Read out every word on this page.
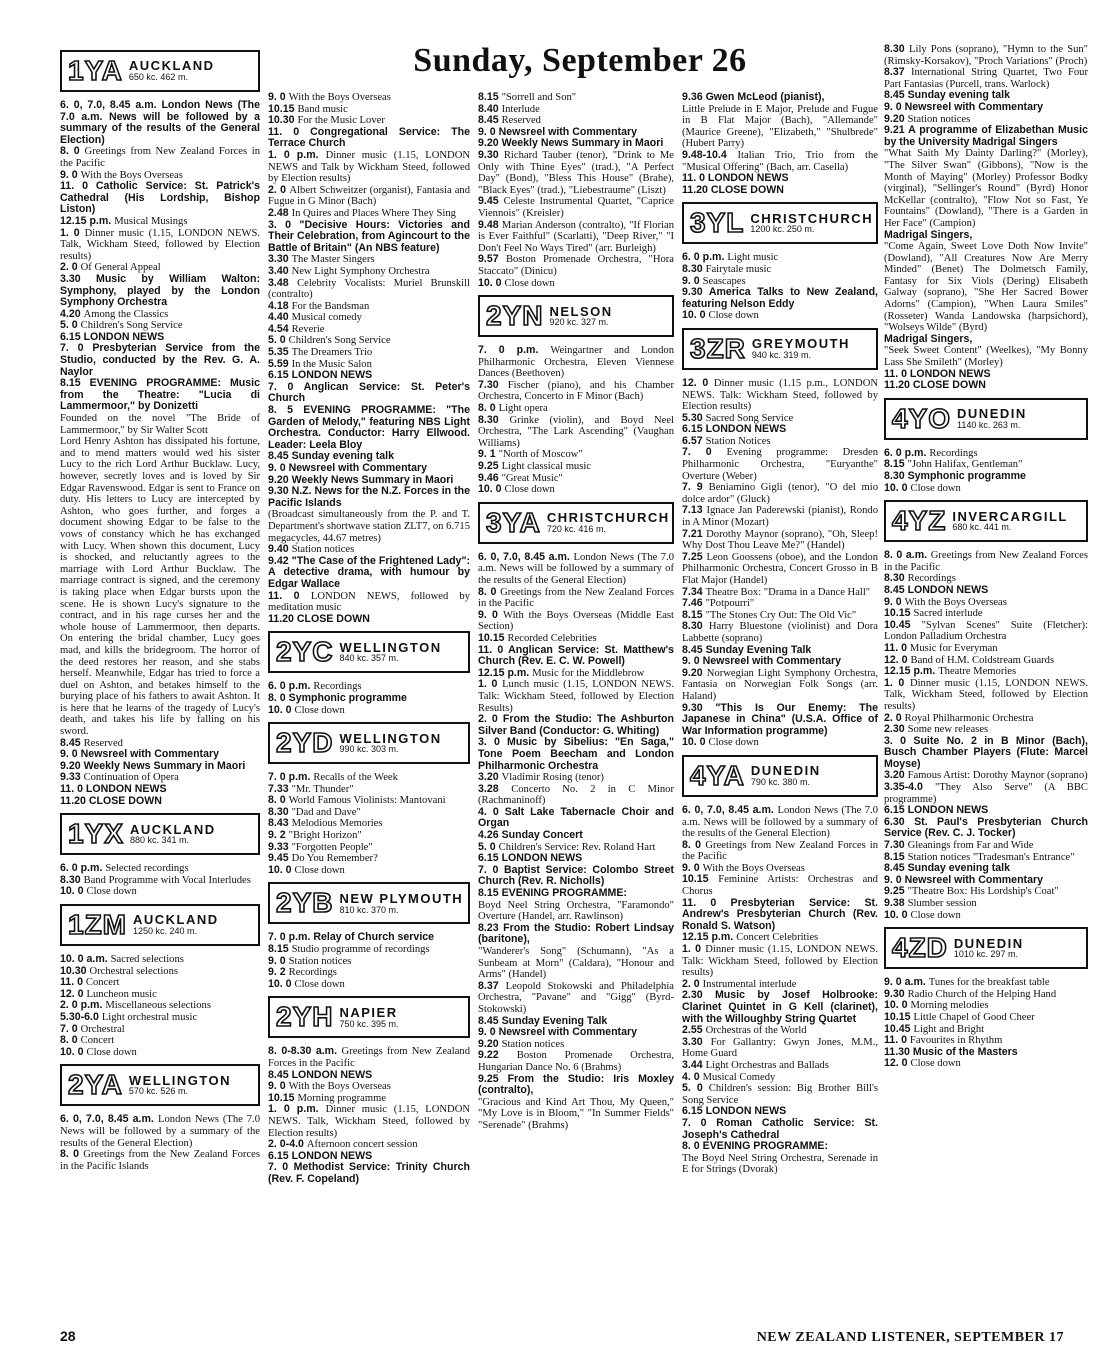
Sunday, September 26
1YA AUCKLAND
650 kc. 462 m.

6. 0, 7.0, 8.45 a.m. London News (The 7.0 a.m. News will be followed by a summary of the results of the General Election)

8. 0 Greetings from New Zealand Forces in the Pacific

9. 0 With the Boys Overseas

11. 0 Catholic Service: St. Patrick's Cathedral (His Lordship, Bishop Liston)

12.15 p.m. Musical Musings

1. 0 Dinner music (1.15, LONDON NEWS. Talk, Wickham Steed, followed by Election results)

2. 0 Of General Appeal

3.30 Music by William Walton: Symphony, played by the London Symphony Orchestra

4.20 Among the Classics

5. 0 Children's Song Service

6.15 LONDON NEWS

7. 0 Presbyterian Service from the Studio, conducted by the Rev. G. A. Naylor

8.15 EVENING PROGRAMME: Music from the Theatre: "Lucia di Lammermoor," by Donizetti

Founded on the novel "The Bride of Lammermoor," by Sir Walter Scott

Lord Henry Ashton has dissipated his fortune, and to mend matters would wed his sister Lucy to the rich Lord Arthur Bucklaw. Lucy, however, secretly loves and is loved by Sir Edgar Ravenswood. Edgar is sent to France on duty. His letters to Lucy are intercepted by Ashton, who goes further, and forges a document showing Edgar to be false to the vows of constancy which he has exchanged with Lucy. When shown this document, Lucy is shocked, and reluctantly agrees to the marriage with Lord Arthur Bucklaw. The marriage contract is signed, and the ceremony is taking place when Edgar bursts upon the scene. He is shown Lucy's signature to the contract, and in his rage curses her and the whole house of Lammermoor, then departs. On entering the bridal chamber, Lucy goes mad, and kills the bridegroom. The horror of the deed restores her reason, and she stabs herself. Meanwhile, Edgar has tried to force a duel on Ashton, and betakes himself to the burying place of his fathers to await Ashton. It is here that he learns of the tragedy of Lucy's death, and takes his life by falling on his sword.

8.45 Reserved

9. 0 Newsreel with Commentary

9.20 Weekly News Summary in Maori

9.33 Continuation of Opera

11. 0 LONDON NEWS

11.20 CLOSE DOWN

1YX AUCKLAND
880 kc. 341 m.

6. 0 p.m. Selected recordings

8.30 Band Programme with Vocal Interludes

10. 0 Close down

1ZM AUCKLAND
1250 kc. 240 m.

10. 0 a.m. Sacred selections

10.30 Orchestral selections

11. 0 Concert

12. 0 Luncheon music

2. 0 p.m. Miscellaneous selections

5.30-6.0 Light orchestral music

7. 0 Orchestral

8. 0 Concert

10. 0 Close down

2YA WELLINGTON
570 kc. 526 m.

6. 0, 7.0, 8.45 a.m. London News (The 7.0 News will be followed by a summary of the results of the General Election)

8. 0 Greetings from the New Zealand Forces in the Pacific Islands

9. 0 With the Boys Overseas

10.15 Band music

10.30 For the Music Lover

11. 0 Congregational Service: The Terrace Church

1. 0 p.m. Dinner music (1.15, LONDON NEWS and Talk by Wickham Steed, followed by Election results)

2. 0 Albert Schweitzer (organist), Fantasia and Fugue in G Minor (Bach)

2.48 In Quires and Places Where They Sing

3. 0 "Decisive Hours: Victories and Their Celebration, from Agincourt to the Battle of Britain" (An NBS feature)

3.30 The Master Singers

3.40 New Light Symphony Orchestra

3.48 Celebrity Vocalists: Muriel Brunskill (contralto)

4.18 For the Bandsman

4.40 Musical comedy

4.54 Reverie

5. 0 Children's Song Service

5.35 The Dreamers Trio

5.59 In the Music Salon

6.15 LONDON NEWS

7. 0 Anglican Service: St. Peter's Church

8. 5 EVENING PROGRAMME: "The Garden of Melody," featuring NBS Light Orchestra. Conductor: Harry Ellwood. Leader: Leela Bloy

8.45 Sunday evening talk

9. 0 Newsreel with Commentary

9.20 Weekly News Summary in Maori

9.30 N.Z. News for the N.Z. Forces in the Pacific Islands

(Broadcast simultaneously from the P. and T. Department's shortwave station ZLT7, on 6.715 megacycles, 44.67 metres)

9.40 Station notices

9.42 "The Case of the Frightened Lady": A detective drama, with humour by Edgar Wallace

11. 0 LONDON NEWS, followed by meditation music

11.20 CLOSE DOWN

2YC WELLINGTON
840 kc. 357 m.

6. 0 p.m. Recordings

8. 0 Symphonic programme

10. 0 Close down

2YD WELLINGTON
990 kc. 303 m.

7. 0 p.m. Recalls of the Week

7.33 "Mr. Thunder"

8. 0 World Famous Violinists: Mantovani

8.30 "Dad and Dave"

8.43 Melodious Memories

9. 2 "Bright Horizon"

9.33 "Forgotten People"

9.45 Do You Remember?

10. 0 Close down

2YB NEW PLYMOUTH
810 kc. 370 m.

7. 0 p.m. Relay of Church service

8.15 Studio programme of recordings

9. 0 Station notices

9. 2 Recordings

10. 0 Close down

2YH NAPIER
750 kc. 395 m.

8. 0-8.30 a.m. Greetings from New Zealand Forces in the Pacific

8.45 LONDON NEWS

9. 0 With the Boys Overseas

10.15 Morning programme

1. 0 p.m. Dinner music (1.15, LONDON NEWS. Talk, Wickham Steed, followed by Election results)

2. 0-4.0 Afternoon concert session

6.15 LONDON NEWS

7. 0 Methodist Service: Trinity Church (Rev. F. Copeland)

8.15 "Sorrell and Son"

8.40 Interlude

8.45 Reserved

9. 0 Newsreel with Commentary

9.20 Weekly News Summary in Maori

9.30 Richard Tauber (tenor), "Drink to Me Only with Thine Eyes" (trad.), "A Perfect Day" (Bond), "Bless This House" (Brahe), "Black Eyes" (trad.), "Liebestraume" (Liszt)

9.45 Celeste Instrumental Quartet, "Caprice Viennois" (Kreisler)

9.48 Marian Anderson (contralto), "If Florian is Ever Faithful" (Scarlatti), "Deep River," "I Don't Feel No Ways Tired" (arr. Burleigh)

9.57 Boston Promenade Orchestra, "Hora Staccato" (Dinicu)

10. 0 Close down

2YN NELSON
920 kc. 327 m.

7. 0 p.m. Weingartner and London Philharmonic Orchestra, Eleven Viennese Dances (Beethoven)

7.30 Fischer (piano), and his Chamber Orchestra, Concerto in F Minor (Bach)

8. 0 Light opera

8.30 Grinke (violin), and Boyd Neel Orchestra, "The Lark Ascending" (Vaughan Williams)

9. 1 "North of Moscow"

9.25 Light classical music

9.46 "Great Music"

10. 0 Close down

3YA CHRISTCHURCH
720 kc. 416 m.

6. 0, 7.0, 8.45 a.m. London News (The 7.0 a.m. News will be followed by a summary of the results of the General Election)

8. 0 Greetings from the New Zealand Forces in the Pacific

9. 0 With the Boys Overseas (Middle East Section)

10.15 Recorded Celebrities

11. 0 Anglican Service: St. Matthew's Church (Rev. E. C. W. Powell)

12.15 p.m. Music for the Middlebrow

1. 0 Lunch music (1.15, LONDON NEWS. Talk: Wickham Steed, followed by Election Results)

2. 0 From the Studio: The Ashburton Silver Band (Conductor: G. Whiting)

3. 0 Music by Sibelius: "En Saga," Tone Poem Beecham and London Philharmonic Orchestra

3.20 Vladimir Rosing (tenor)

3.28 Concerto No. 2 in C Minor (Rachmaninoff)

4. 0 Salt Lake Tabernacle Choir and Organ

4.26 Sunday Concert

5. 0 Children's Service: Rev. Roland Hart

6.15 LONDON NEWS

7. 0 Baptist Service: Colombo Street Church (Rev. R. Nicholls)

8.15 EVENING PROGRAMME:

Boyd Neel String Orchestra, "Faramondo" Overture (Handel, arr. Rawlinson)

8.23 From the Studio: Robert Lindsay (baritone),

"Wanderer's Song" (Schumann), "As a Sunbeam at Morn" (Caldara), "Honour and Arms" (Handel)

8.37 Leopold Stokowski and Philadelphia Orchestra, "Pavane" and "Gigg" (Byrd-Stokowski)

8.45 Sunday Evening Talk

9. 0 Newsreel with Commentary

9.20 Station notices

9.22 Boston Promenade Orchestra, Hungarian Dance No. 6 (Brahms)

9.25 From the Studio: Iris Moxley (contralto),

"Gracious and Kind Art Thou, My Queen," "My Love is in Bloom," "In Summer Fields" "Serenade" (Brahms)

9.36 Gwen McLeod (pianist),

Little Prelude in E Major, Prelude and Fugue in B Flat Major (Bach), "Allemande" (Maurice Greene), "Elizabeth," "Shulbrede" (Hubert Parry)

9.48-10.4 Italian Trio, Trio from the "Musical Offering" (Bach, arr. Casella)

11. 0 LONDON NEWS

11.20 CLOSE DOWN

3YL CHRISTCHURCH
1200 kc. 250 m.

6. 0 p.m. Light music

8.30 Fairytale music

9. 0 Seascapes

9.30 America Talks to New Zealand, featuring Nelson Eddy

10. 0 Close down

3ZR GREYMOUTH
940 kc. 319 m.

12. 0 Dinner music (1.15 p.m., LONDON NEWS. Talk: Wickham Steed, followed by Election results)

5.30 Sacred Song Service

6.15 LONDON NEWS

6.57 Station Notices

7. 0 Evening programme: Dresden Philharmonic Orchestra, "Euryanthe" Overture (Weber)

7. 9 Beniamino Gigli (tenor), "O del mio dolce ardor" (Gluck)

7.13 Ignace Jan Paderewski (pianist), Rondo in A Minor (Mozart)

7.21 Dorothy Maynor (soprano), "Oh, Sleep! Why Dost Thou Leave Me?" (Handel)

7.25 Leon Goossens (oboe), and the London Philharmonic Orchestra, Concert Grosso in B Flat Major (Handel)

7.34 Theatre Box: "Drama in a Dance Hall"

7.46 "Potpourri"

8.15 "The Stones Cry Out: The Old Vic"

8.30 Harry Bluestone (violinist) and Dora Labbette (soprano)

8.45 Sunday Evening Talk

9. 0 Newsreel with Commentary

9.20 Norwegian Light Symphony Orchestra, Fantasia on Norwegian Folk Songs (arr. Haland)

9.30 "This Is Our Enemy: The Japanese in China" (U.S.A. Office of War Information programme)

10. 0 Close down

4YA DUNEDIN
790 kc. 380 m.

6. 0, 7.0, 8.45 a.m. London News (The 7.0 a.m. News will be followed by a summary of the results of the General Election)

8. 0 Greetings from New Zealand Forces in the Pacific

9. 0 With the Boys Overseas

10.15 Feminine Artists: Orchestras and Chorus

11. 0 Presbyterian Service: St. Andrew's Presbyterian Church (Rev. Ronald S. Watson)

12.15 p.m. Concert Celebrities

1. 0 Dinner music (1.15, LONDON NEWS. Talk: Wickham Steed, followed by Election results)

2. 0 Instrumental interlude

2.30 Music by Josef Holbrooke: Clarinet Quintet in G Kell (clarinet), with the Willoughby String Quartet

2.55 Orchestras of the World

3.30 For Gallantry: Gwyn Jones, M.M., Home Guard

3.44 Light Orchestras and Ballads

4. 0 Musical Comedy

5. 0 Children's session: Big Brother Bill's Song Service

6.15 LONDON NEWS

7. 0 Roman Catholic Service: St. Joseph's Cathedral

8. 0 EVENING PROGRAMME:

The Boyd Neel String Orchestra, Serenade in E for Strings (Dvorak)

8.30 Lily Pons (soprano), "Hymn to the Sun" (Rimsky-Korsakov), "Proch Variations" (Proch)

8.37 International String Quartet, Two Four Part Fantasias (Purcell, trans. Warlock)

8.45 Sunday evening talk

9. 0 Newsreel with Commentary

9.20 Station notices

9.21 A programme of Elizabethan Music by the University Madrigal Singers

"What Saith My Dainty Darling?" (Morley), "The Silver Swan" (Gibbons), "Now is the Month of Maying" (Morley) Professor Bodky (virginal), "Sellinger's Round" (Byrd) Honor McKellar (contralto), "Flow Not so Fast, Ye Fountains" (Dowland), "There is a Garden in Her Face" (Campion)

Madrigal Singers,

"Come Again, Sweet Love Doth Now Invite" (Dowland), "All Creatures Now Are Merry Minded" (Benet) The Dolmetsch Family, Fantasy for Six Viols (Dering) Elisabeth Galway (soprano), "She Her Sacred Bower Adorns" (Campion), "When Laura Smiles" (Rosseter) Wanda Landowska (harpsichord), "Wolseys Wilde" (Byrd)

Madrigal Singers,

"Seek Sweet Content" (Weelkes), "My Bonny Lass She Smileth" (Morley)

11. 0 LONDON NEWS

11.20 CLOSE DOWN

4YO DUNEDIN
1140 kc. 263 m.

6. 0 p.m. Recordings

8.15 "John Halifax, Gentleman"

8.30 Symphonic programme

10. 0 Close down

4YZ INVERCARGILL
680 kc. 441 m.

8. 0 a.m. Greetings from New Zealand Forces in the Pacific

8.30 Recordings

8.45 LONDON NEWS

9. 0 With the Boys Overseas

10.15 Sacred interlude

10.45 "Sylvan Scenes" Suite (Fletcher): London Palladium Orchestra

11. 0 Music for Everyman

12. 0 Band of H.M. Coldstream Guards

12.15 p.m. Theatre Memories

1. 0 Dinner music (1.15, LONDON NEWS. Talk, Wickham Steed, followed by Election results)

2. 0 Royal Philharmonic Orchestra

2.30 Some new releases

3. 0 Suite No. 2 in B Minor (Bach), Busch Chamber Players (Flute: Marcel Moyse)

3.20 Famous Artist: Dorothy Maynor (soprano)

3.35-4.0 "They Also Serve" (A BBC programme)

6.15 LONDON NEWS

6.30 St. Paul's Presbyterian Church Service (Rev. C. J. Tocker)

7.30 Gleanings from Far and Wide

8.15 Station notices "Tradesman's Entrance"

8.45 Sunday evening talk

9. 0 Newsreel with Commentary

9.25 "Theatre Box: His Lordship's Coat"

9.38 Slumber session

10. 0 Close down

4ZD DUNEDIN
1010 kc. 297 m.

9. 0 a.m. Tunes for the breakfast table

9.30 Radio Church of the Helping Hand

10. 0 Morning melodies

10.15 Little Chapel of Good Cheer

10.45 Light and Bright

11. 0 Favourites in Rhythm

11.30 Music of the Masters

12. 0 Close down

28	NEW ZEALAND LISTENER, SEPTEMBER 17
